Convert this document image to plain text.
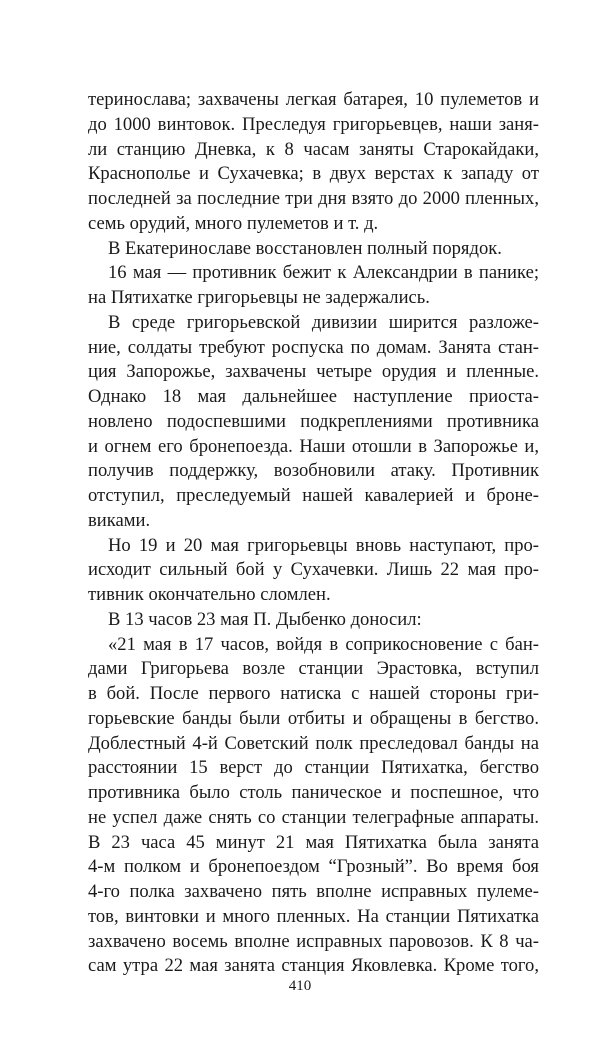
теринослава; захвачены легкая батарея, 10 пулеметов и
до 1000 винтовок. Преследуя григорьевцев, наши заня-
ли станцию Дневка, к 8 часам заняты Старокайдаки,
Краснополье и Сухачевка; в двух верстах к западу от
последней за последние три дня взято до 2000 пленных,
семь орудий, много пулеметов и т. д.
В Екатеринославе восстановлен полный порядок.
16 мая — противник бежит к Александрии в панике;
на Пятихатке григорьевцы не задержались.
В среде григорьевской дивизии ширится разложе-
ние, солдаты требуют роспуска по домам. Занята стан-
ция Запорожье, захвачены четыре орудия и пленные.
Однако 18 мая дальнейшее наступление приоста-
новлено подоспевшими подкреплениями противника
и огнем его бронепоезда. Наши отошли в Запорожье и,
получив поддержку, возобновили атаку. Противник
отступил, преследуемый нашей кавалерией и броне-
виками.
Но 19 и 20 мая григорьевцы вновь наступают, про-
исходит сильный бой у Сухачевки. Лишь 22 мая про-
тивник окончательно сломлен.
В 13 часов 23 мая П. Дыбенко доносил:
«21 мая в 17 часов, войдя в соприкосновение с бан-
дами Григорьева возле станции Эрастовка, вступил
в бой. После первого натиска с нашей стороны гри-
горьевские банды были отбиты и обращены в бегство.
Доблестный 4-й Советский полк преследовал банды на
расстоянии 15 верст до станции Пятихатка, бегство
противника было столь паническое и поспешное, что
не успел даже снять со станции телеграфные аппараты.
В 23 часа 45 минут 21 мая Пятихатка была занята
4-м полком и бронепоездом “Грозный”. Во время боя
4-го полка захвачено пять вполне исправных пулеме-
тов, винтовки и много пленных. На станции Пятихатка
захвачено восемь вполне исправных паровозов. К 8 ча-
сам утра 22 мая занята станция Яковлевка. Кроме того,
410
